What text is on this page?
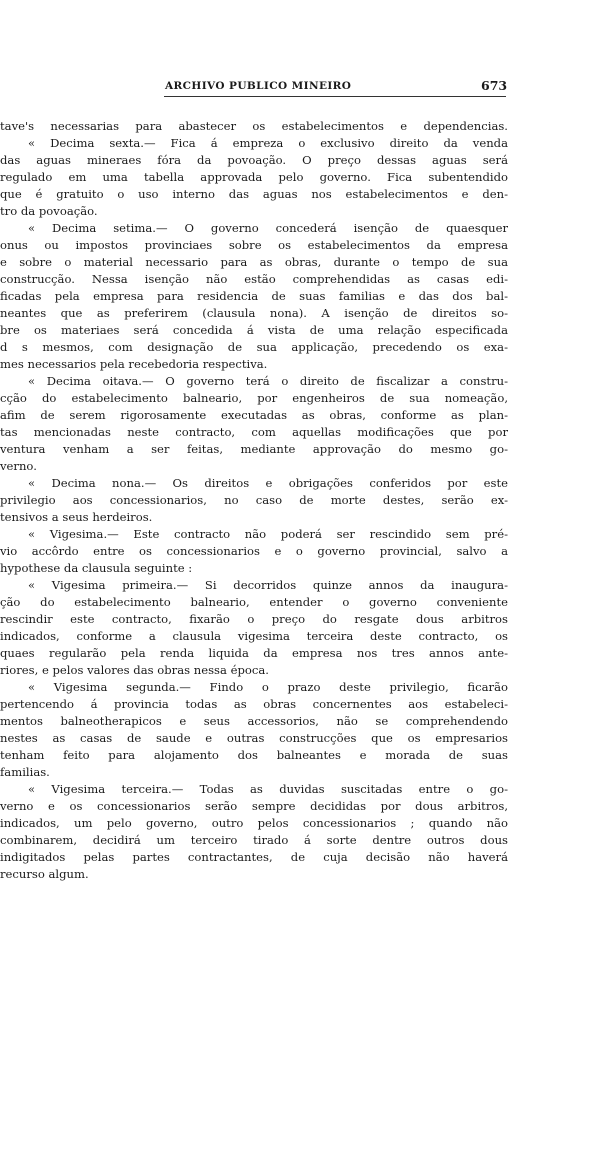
ARCHIVO PUBLICO MINEIRO	673
tave's necessarias para abastecer os estabelecimentos e dependencias.
« Decima sexta.— Fica á empreza o exclusivo direito da venda
das aguas mineraes fóra da povoação. O preço dessas aguas será
regulado em uma tabella approvada pelo governo. Fica subentendido
que é gratuito o uso interno das aguas nos estabelecimentos e den-
tro da povoação.
« Decima setima.— O governo concederá isenção de quaesquer
onus ou impostos provinciaes sobre os estabelecimentos da empresa
e sobre o material necessario para as obras, durante o tempo de sua
construcção. Nessa isenção não estão comprehendidas as casas edi-
ficadas pela empresa para residencia de suas familias e das dos bal-
neantes que as preferirem (clausula nona). A isenção de direitos so-
bre os materiaes será concedida á vista de uma relação especificada
d s mesmos, com designação de sua applicação, precedendo os exa-
mes necessarios pela recebedoria respectiva.
« Decima oitava.— O governo terá o direito de fiscalizar a constru-
cção do estabelecimento balneario, por engenheiros de sua nomeação,
afim de serem rigorosamente executadas as obras, conforme as plan-
tas mencionadas neste contracto, com aquellas modificações que por
ventura venham a ser feitas, mediante approvação do mesmo go-
verno.
« Decima nona.— Os direitos e obrigações conferidos por este
privilegio aos concessionarios, no caso de morte destes, serão ex-
tensivos a seus herdeiros.
« Vigesima.— Este contracto não poderá ser rescindido sem pré-
vio accôrdo entre os concessionarios e o governo provincial, salvo a
hypothese da clausula seguinte :
« Vigesima primeira.— Si decorridos quinze annos da inaugura-
ção do estabelecimento balneario, entender o governo conveniente
rescindir este contracto, fixarão o preço do resgate dous arbitros
indicados, conforme a clausula vigesima terceira deste contracto, os
quaes regularão pela renda liquida da empresa nos tres annos ante-
riores, e pelos valores das obras nessa época.
« Vigesima segunda.— Findo o prazo deste privilegio, ficarão
pertencendo á provincia todas as obras concernentes aos estabeleci-
mentos balneotherapicos e seus accessorios, não se comprehendendo
nestes as casas de saude e outras construcções que os empresarios
tenham feito para alojamento dos balneantes e morada de suas
familias.
« Vigesima terceira.— Todas as duvidas suscitadas entre o go-
verno e os concessionarios serão sempre decididas por dous arbitros,
indicados, um pelo governo, outro pelos concessionarios ; quando não
combinarem, decidirá um terceiro tirado á sorte dentre outros dous
indigitados pelas partes contractantes, de cuja decisão não haverá
recurso algum.
